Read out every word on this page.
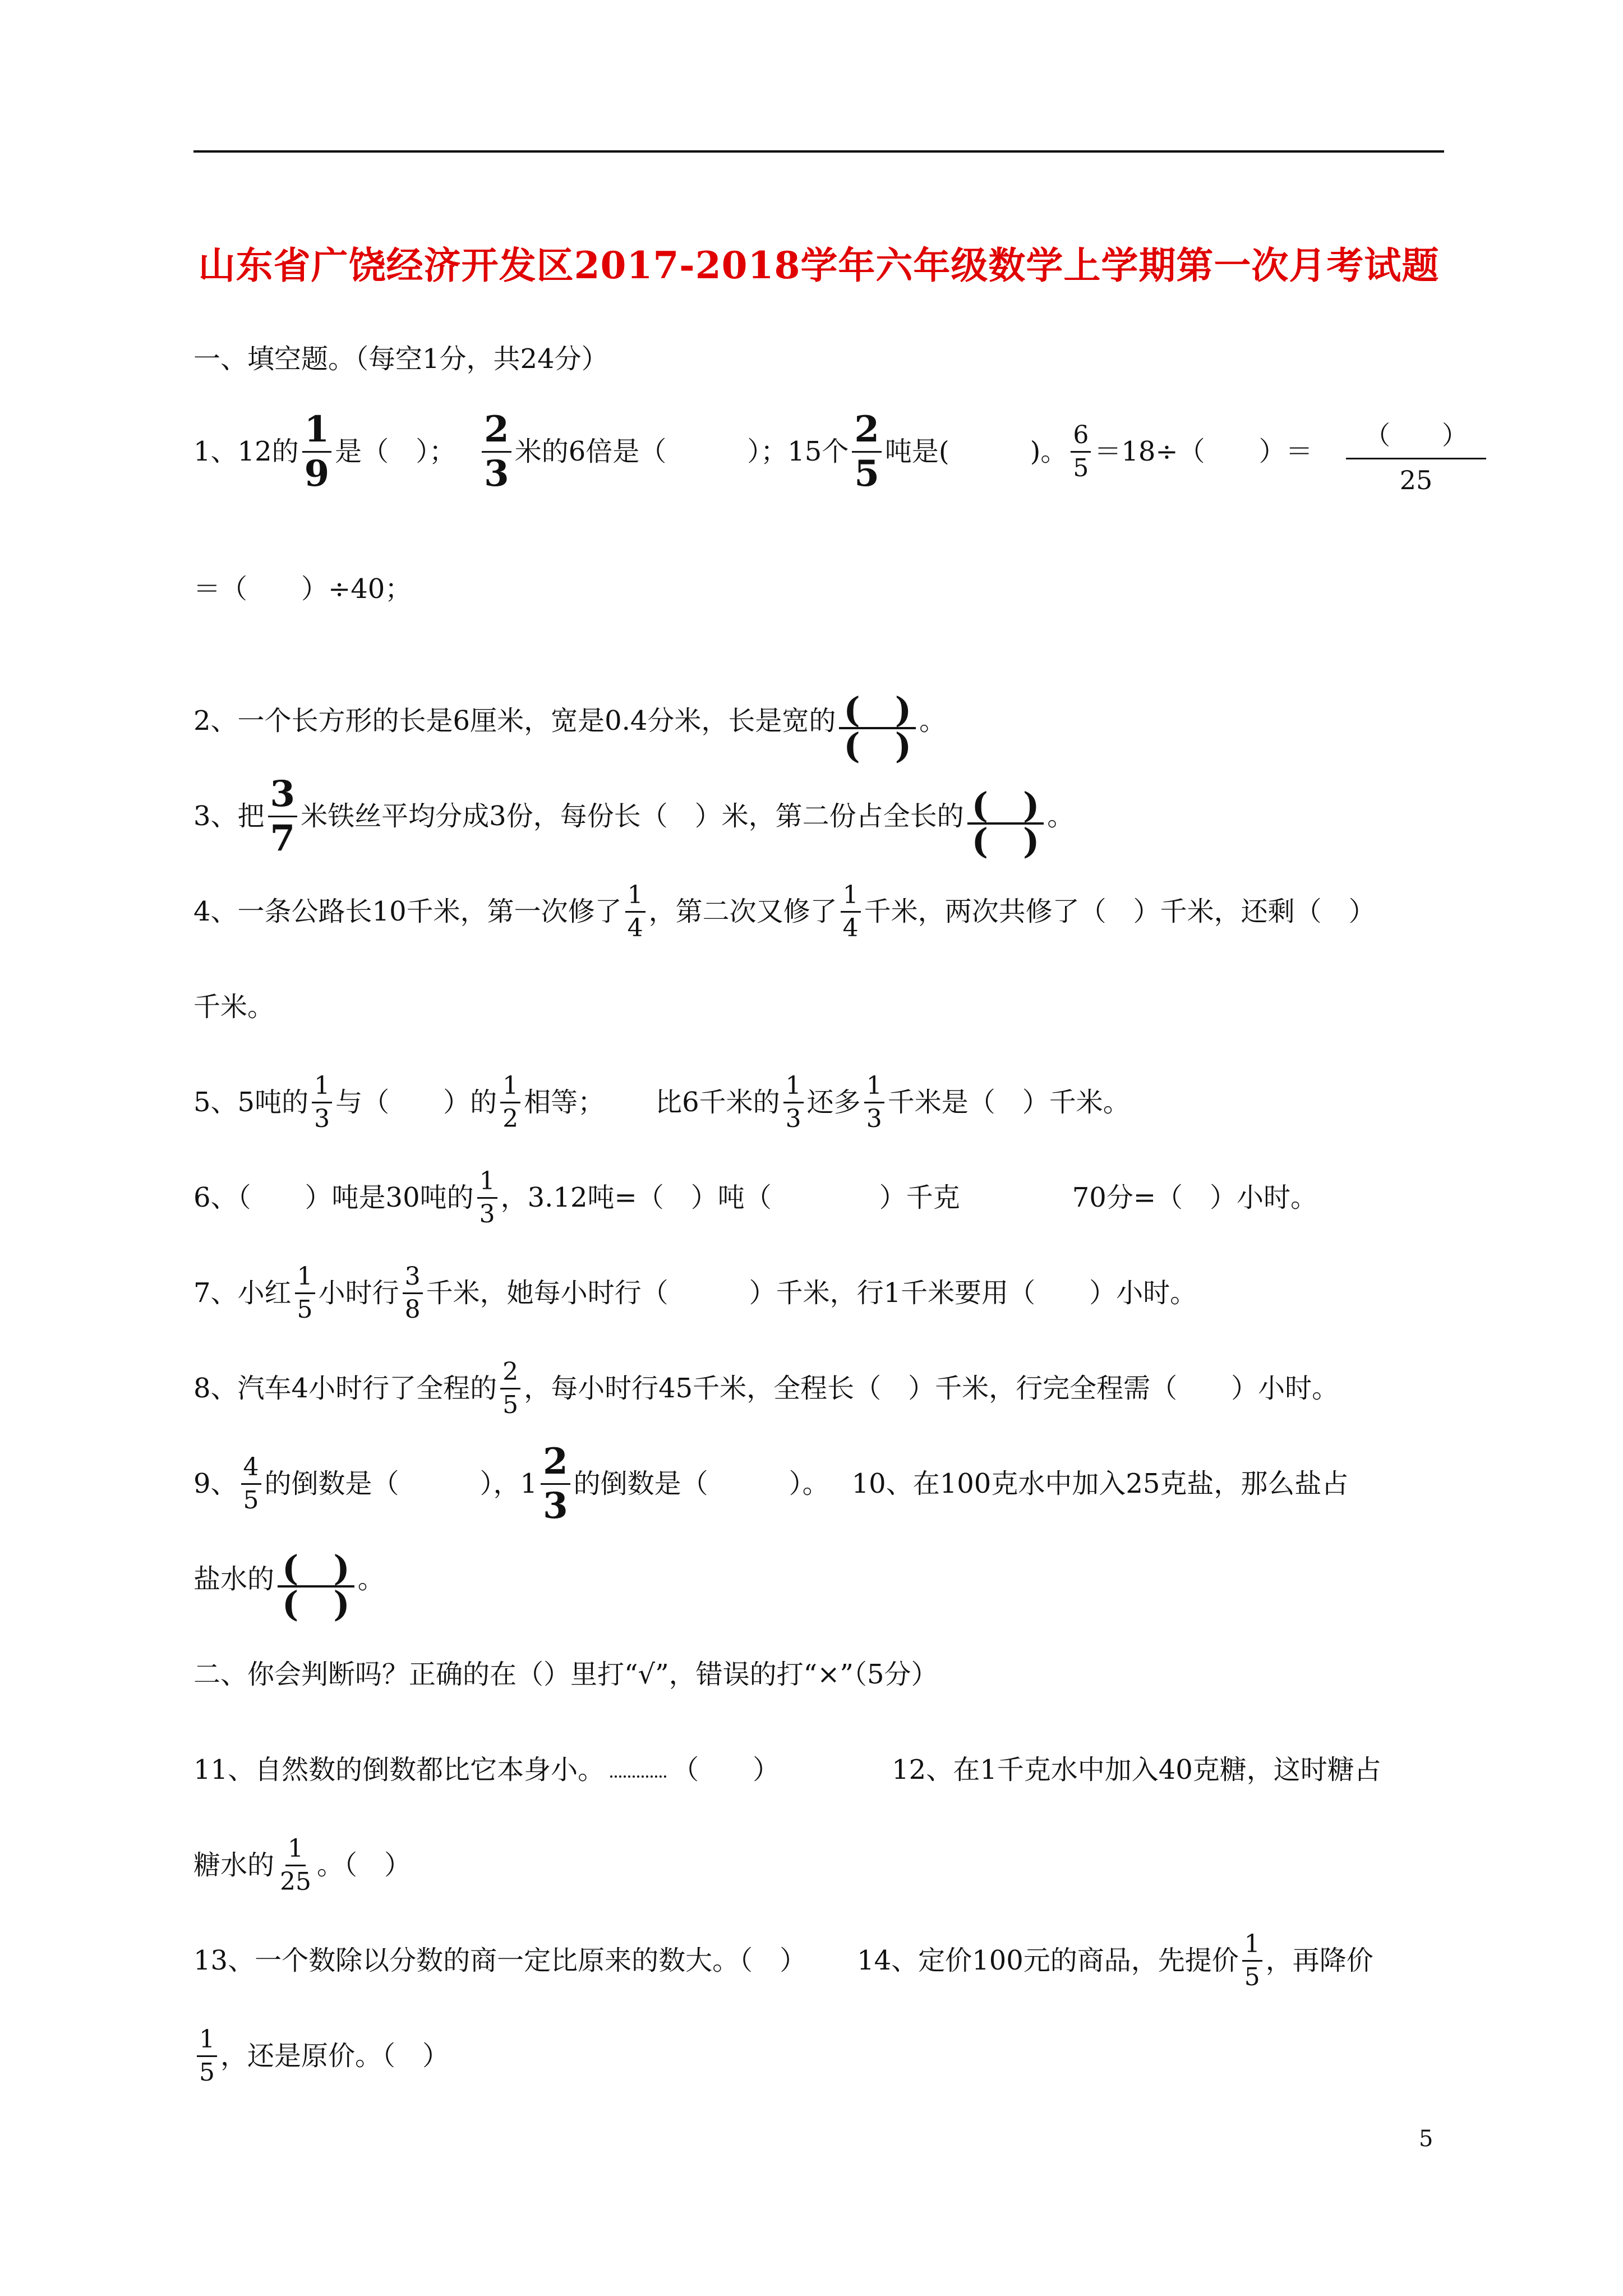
山东省广饶经济开发区2017-2018学年六年级数学上学期第一次月考试题
一、填空题。（每空1分，共24分）
1、12的 $\frac{1}{9}$ 是（　）； $\frac{2}{3}$ 米的6倍是（　　　）；15个 $\frac{2}{5}$ 吨是(　　　)。 $\frac{6}{5} =18\div$（　　）＝
（　　）
25
＝（　　）÷40；
2、一个长方形的长是6厘米，宽是0.4分米，长是宽的 $\frac{( )}{( )}$ 。
3、把 $\frac{3}{7}$ 米铁丝平均分成3份，每份长（　）米，第二份占全长的 $\frac{( )}{( )}$ 。
4、一条公路长10千米，第一次修了 $\frac{1}{4}$ ，第二次又修了 $\frac{1}{4}$ 千米，两次共修了（　）千米，还剩（　）
千米。
5、5吨的 $\frac{1}{3}$ 与（　　）的 $\frac{1}{2}$ 相等； 比6千米的 $\frac{1}{3}$ 还多 $\frac{1}{3}$ 千米是（　）千米。
6、（　　）吨是30吨的 $\frac{1}{3}$ ，3.12吨=（　）吨（　　　　）千克	70分=（　）小时。
7、小红 $\frac{1}{5}$ 小时行 $\frac{3}{8}$ 千米，她每小时行（　　　）千米，行1千米要用（　　）小时。
8、汽车4小时行了全程的 $\frac{2}{5}$ ，每小时行45千米，全程长（　）千米，行完全程需（　　）小时。
9、 $\frac{4}{5}$ 的倒数是（　　　），$1 \frac{2}{3}$ 的倒数是（　　　）。 10、在100克水中加入25克盐，那么盐占
盐水的 $\frac{( )}{( )}$ 。
二、你会判断吗？正确的在（）里打“√”，错误的打“×”（5分）
11、自然数的倒数都比它本身小。	（　　）	12、在1千克水中加入40克糖，这时糖占
糖水的 $\frac{1}{25}$ 。（　）
13、一个数除以分数的商一定比原来的数大。（　） 14、定价100元的商品，先提价 $\frac{1}{5}$ ，再降价
$\frac{1}{5}$ ，还是原价。（　）
5
